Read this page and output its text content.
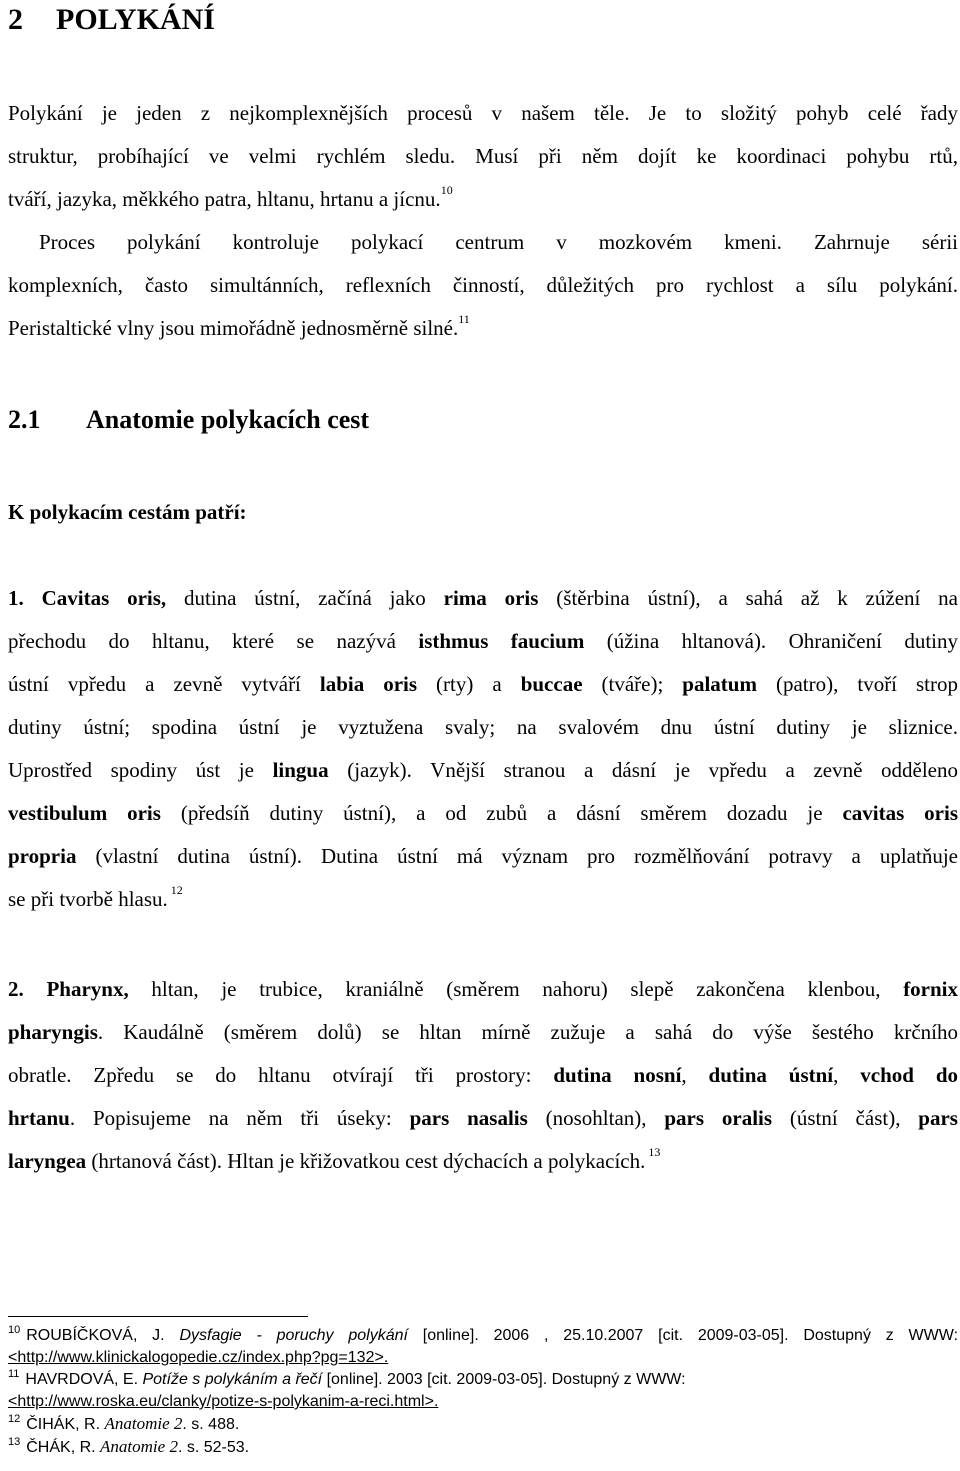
2 POLYKÁNÍ
Polykání je jeden z nejkomplexnějších procesů v našem těle. Je to složitý pohyb celé řady
struktur, probíhající ve velmi rychlém sledu. Musí při něm dojít ke koordinaci pohybu rtů,
tváří, jazyka, měkkého patra, hltanu, hrtanu a jícnu.$^{10}$
Proces polykání kontroluje polykací centrum v mozkovém kmeni. Zahrnuje sérii
komplexních, často simultánních, reflexních činností, důležitých pro rychlost a sílu polykání.
Peristaltické vlny jsou mimořádně jednosměrně silné.$^{11}$
2.1 Anatomie polykacích cest
K polykacím cestám patří:
1. Cavitas oris, dutina ústní, začíná jako rima oris (štěrbina ústní), a sahá až k zúžení na
přechodu do hltanu, které se nazývá isthmus faucium (úžina hltanová). Ohraničení dutiny
ústní vpředu a zevně vytváří labia oris (rty) a buccae (tváře); palatum (patro), tvoří strop
dutiny ústní; spodina ústní je vyztužena svaly; na svalovém dnu ústní dutiny je sliznice.
Uprostřed spodiny úst je lingua (jazyk). Vnější stranou a dásní je vpředu a zevně odděleno
vestibulum oris (předsíň dutiny ústní), a od zubů a dásní směrem dozadu je cavitas oris
propria (vlastní dutina ústní). Dutina ústní má význam pro rozmělňování potravy a uplatňuje
se při tvorbě hlasu. $^{12}$
2. Pharynx, hltan, je trubice, kraniálně (směrem nahoru) slepě zakončena klenbou, fornix
pharyngis. Kaudálně (směrem dolů) se hltan mírně zužuje a sahá do výše šestého krčního
obratle. Zpředu se do hltanu otvírají tři prostory: dutina nosní, dutina ústní, vchod do
hrtanu. Popisujeme na něm tři úseky: pars nasalis (nosohltan), pars oralis (ústní část), pars
laryngea (hrtanová část). Hltan je křižovatkou cest dýchacích a polykacích. $^{13}$
$^{10}$ ROUBÍČKOVÁ, J. Dysfagie - poruchy polykání [online]. 2006 , 25.10.2007 [cit. 2009-03-05]. Dostupný z WWW:
<http://www.klinickalogopedie.cz/index.php?pg=132>.
$^{11}$ HAVRDOVÁ, E. Potíže s polykáním a řečí [online]. 2003 [cit. 2009-03-05]. Dostupný z WWW:
<http://www.roska.eu/clanky/potize-s-polykanim-a-reci.html>.
$^{12}$ ČIHÁK, R. Anatomie 2. s. 488.
$^{13}$ ČHÁK, R. Anatomie 2. s. 52-53.
